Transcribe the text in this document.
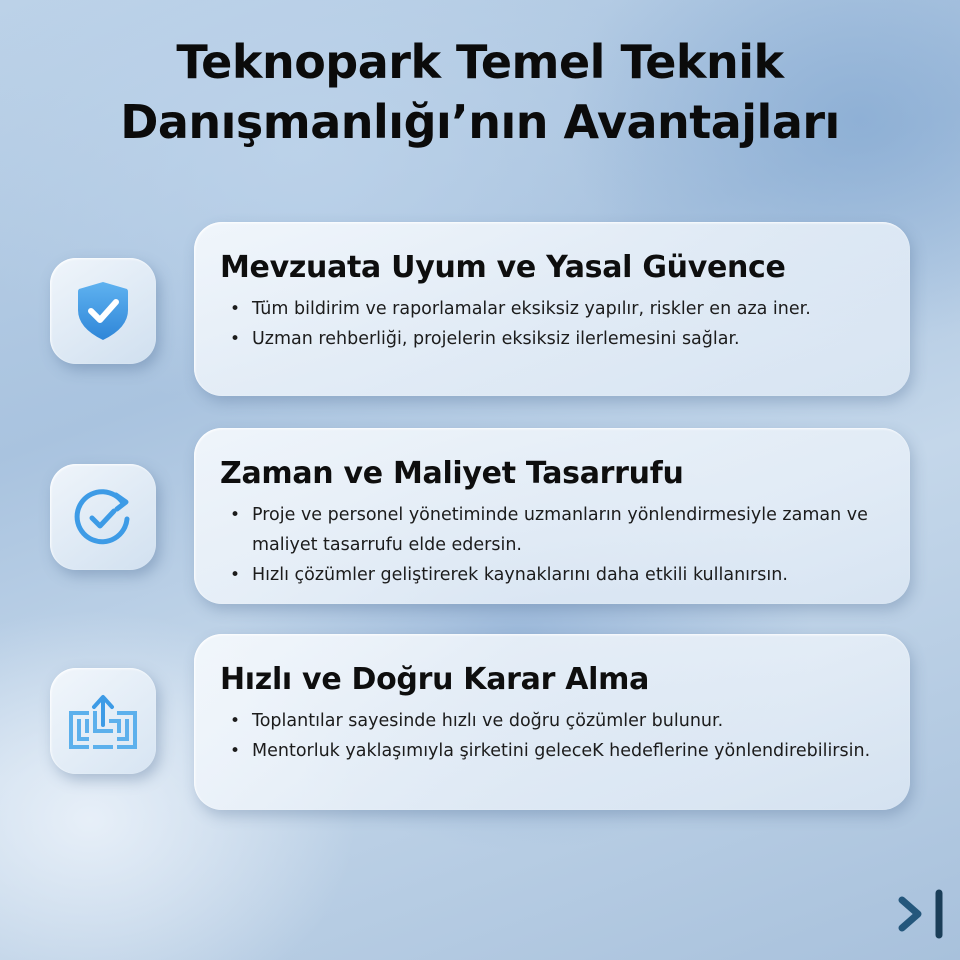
Teknopark Temel Teknik
Danışmanlığı’nın Avantajları
Mevzuata Uyum ve Yasal Güvence
• Tüm bildirim ve raporlamalar eksiksiz yapılır, riskler en aza iner.
• Uzman rehberliği, projelerin eksiksiz ilerlemesini sağlar.
Zaman ve Maliyet Tasarrufu
• Proje ve personel yönetiminde uzmanların yönlendirmesiyle zaman ve maliyet tasarrufu elde edersin.
• Hızlı çözümler geliştirerek kaynaklarını daha etkili kullanırsın.
Hızlı ve Doğru Karar Alma
• Toplantılar sayesinde hızlı ve doğru çözümler bulunur.
• Mentorluk yaklaşımıyla şirketini geleceK hedeflerine yönlendirebilirsin.
